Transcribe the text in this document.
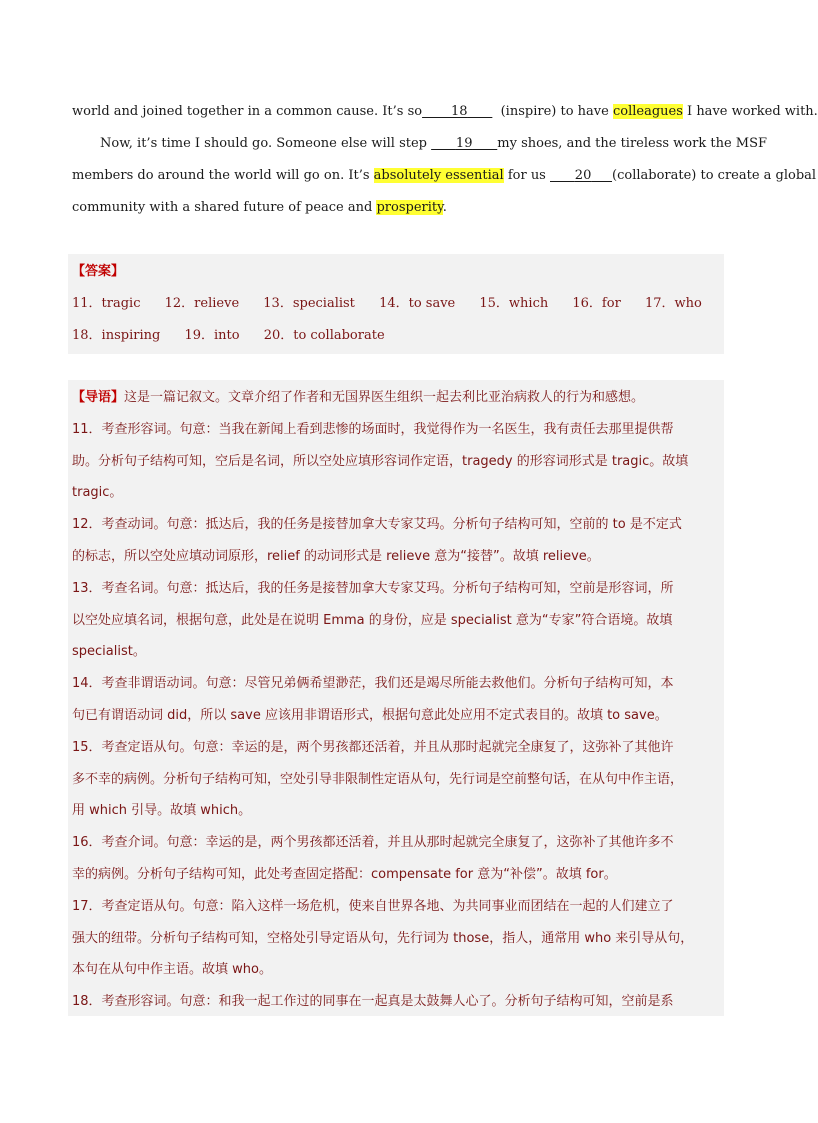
world and joined together in a common cause. It’s so 18	(inspire) to have colleagues I have worked with.
Now, it’s time I should go. Someone else will step 19 my shoes, and the tireless work the MSF
members do around the world will go on. It’s absolutely essential for us 20 (collaborate) to create a global
community with a shared future of peace and prosperity.
【答案】
11．tragic 12．relieve 13．specialist 14．to save 15．which 16．for 17．who
18．inspiring 19．into 20．to collaborate
【导语】这是一篇记叙文。文章介绍了作者和无国界医生组织一起去利比亚治病救人的行为和感想。
11．考查形容词。句意：当我在新闻上看到悲惨的场面时，我觉得作为一名医生，我有责任去那里提供帮
助。分析句子结构可知，空后是名词，所以空处应填形容词作定语，tragedy 的形容词形式是 tragic。故填
tragic。
12．考查动词。句意：抵达后，我的任务是接替加拿大专家艾玛。分析句子结构可知，空前的 to 是不定式
的标志，所以空处应填动词原形，relief 的动词形式是 relieve 意为“接替”。故填 relieve。
13．考查名词。句意：抵达后，我的任务是接替加拿大专家艾玛。分析句子结构可知，空前是形容词，所
以空处应填名词，根据句意，此处是在说明 Emma 的身份，应是 specialist 意为“专家”符合语境。故填
specialist。
14．考查非谓语动词。句意：尽管兄弟俩希望渺茫，我们还是竭尽所能去救他们。分析句子结构可知，本
句已有谓语动词 did，所以 save 应该用非谓语形式，根据句意此处应用不定式表目的。故填 to save。
15．考查定语从句。句意：幸运的是，两个男孩都还活着，并且从那时起就完全康复了，这弥补了其他许
多不幸的病例。分析句子结构可知，空处引导非限制性定语从句，先行词是空前整句话，在从句中作主语，
用 which 引导。故填 which。
16．考查介词。句意：幸运的是，两个男孩都还活着，并且从那时起就完全康复了，这弥补了其他许多不
幸的病例。分析句子结构可知，此处考查固定搭配：compensate for 意为“补偿”。故填 for。
17．考查定语从句。句意：陷入这样一场危机，使来自世界各地、为共同事业而团结在一起的人们建立了
强大的纽带。分析句子结构可知，空格处引导定语从句，先行词为 those，指人，通常用 who 来引导从句，
本句在从句中作主语。故填 who。
18．考查形容词。句意：和我一起工作过的同事在一起真是太鼓舞人心了。分析句子结构可知，空前是系
